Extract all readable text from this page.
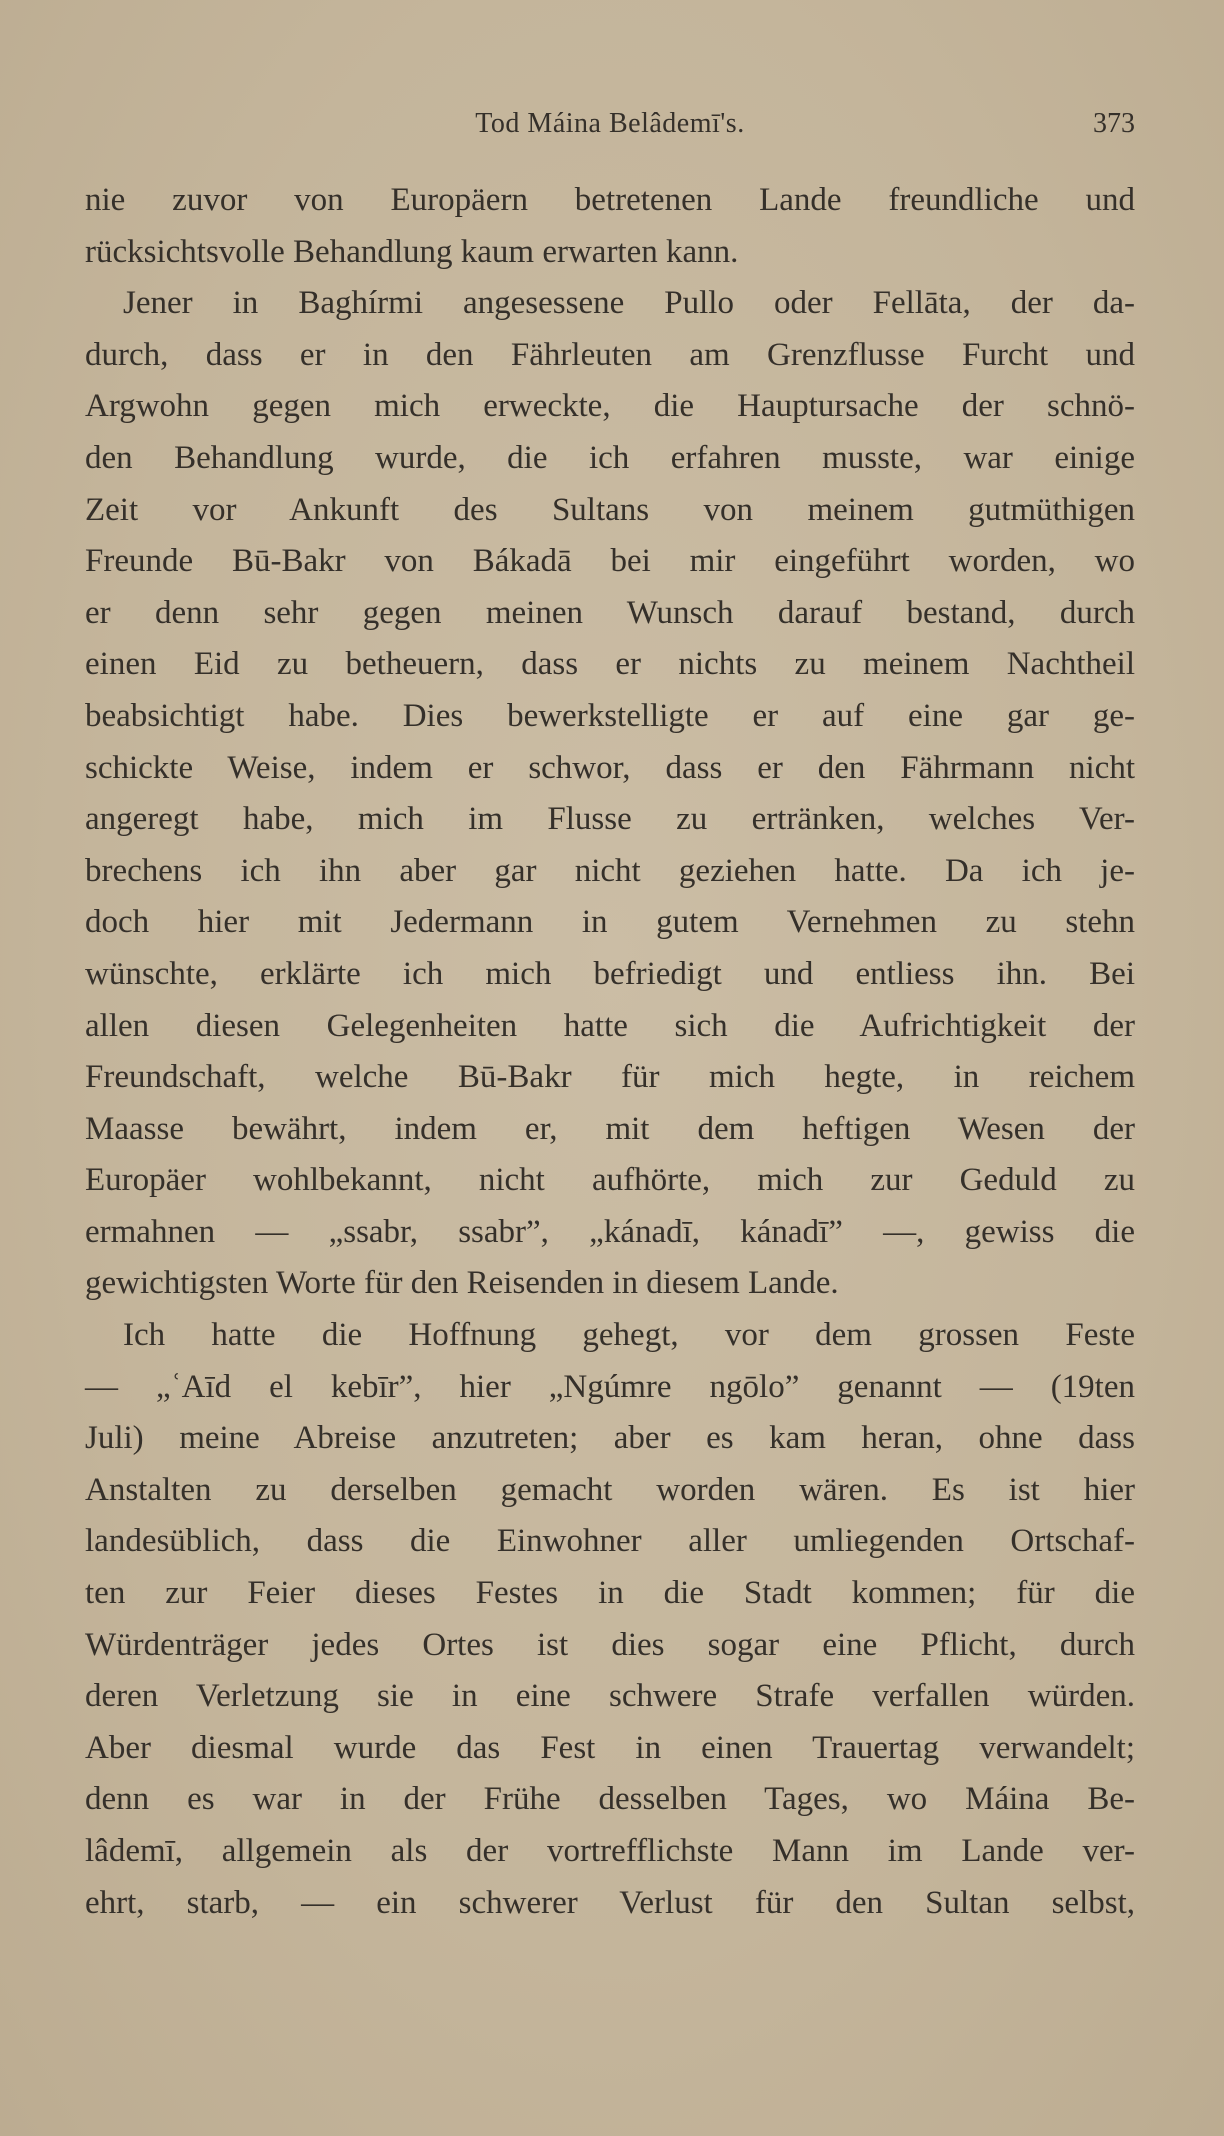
Tod Máina Belâdemī's.	373
nie zuvor von Europäern betretenen Lande freundliche und
rücksichtsvolle Behandlung kaum erwarten kann.
Jener in Baghírmi angesessene Pullo oder Fellāta, der da-
durch, dass er in den Fährleuten am Grenzflusse Furcht und
Argwohn gegen mich erweckte, die Hauptursache der schnö-
den Behandlung wurde, die ich erfahren musste, war einige
Zeit vor Ankunft des Sultans von meinem gutmüthigen
Freunde Bū-Bakr von Bákadā bei mir eingeführt worden, wo
er denn sehr gegen meinen Wunsch darauf bestand, durch
einen Eid zu betheuern, dass er nichts zu meinem Nachtheil
beabsichtigt habe. Dies bewerkstelligte er auf eine gar ge-
schickte Weise, indem er schwor, dass er den Fährmann nicht
angeregt habe, mich im Flusse zu ertränken, welches Ver-
brechens ich ihn aber gar nicht geziehen hatte. Da ich je-
doch hier mit Jedermann in gutem Vernehmen zu stehn
wünschte, erklärte ich mich befriedigt und entliess ihn. Bei
allen diesen Gelegenheiten hatte sich die Aufrichtigkeit der
Freundschaft, welche Bū-Bakr für mich hegte, in reichem
Maasse bewährt, indem er, mit dem heftigen Wesen der
Europäer wohlbekannt, nicht aufhörte, mich zur Geduld zu
ermahnen — „ssabr, ssabr”, „kánadī, kánadī” —, gewiss die
gewichtigsten Worte für den Reisenden in diesem Lande.
Ich hatte die Hoffnung gehegt, vor dem grossen Feste
— „ʿAīd el kebīr”, hier „Ngúmre ngōlo” genannt — (19ten
Juli) meine Abreise anzutreten; aber es kam heran, ohne dass
Anstalten zu derselben gemacht worden wären. Es ist hier
landesüblich, dass die Einwohner aller umliegenden Ortschaf-
ten zur Feier dieses Festes in die Stadt kommen; für die
Würdenträger jedes Ortes ist dies sogar eine Pflicht, durch
deren Verletzung sie in eine schwere Strafe verfallen würden.
Aber diesmal wurde das Fest in einen Trauertag verwandelt;
denn es war in der Frühe desselben Tages, wo Máina Be-
lâdemī, allgemein als der vortrefflichste Mann im Lande ver-
ehrt, starb, — ein schwerer Verlust für den Sultan selbst,
